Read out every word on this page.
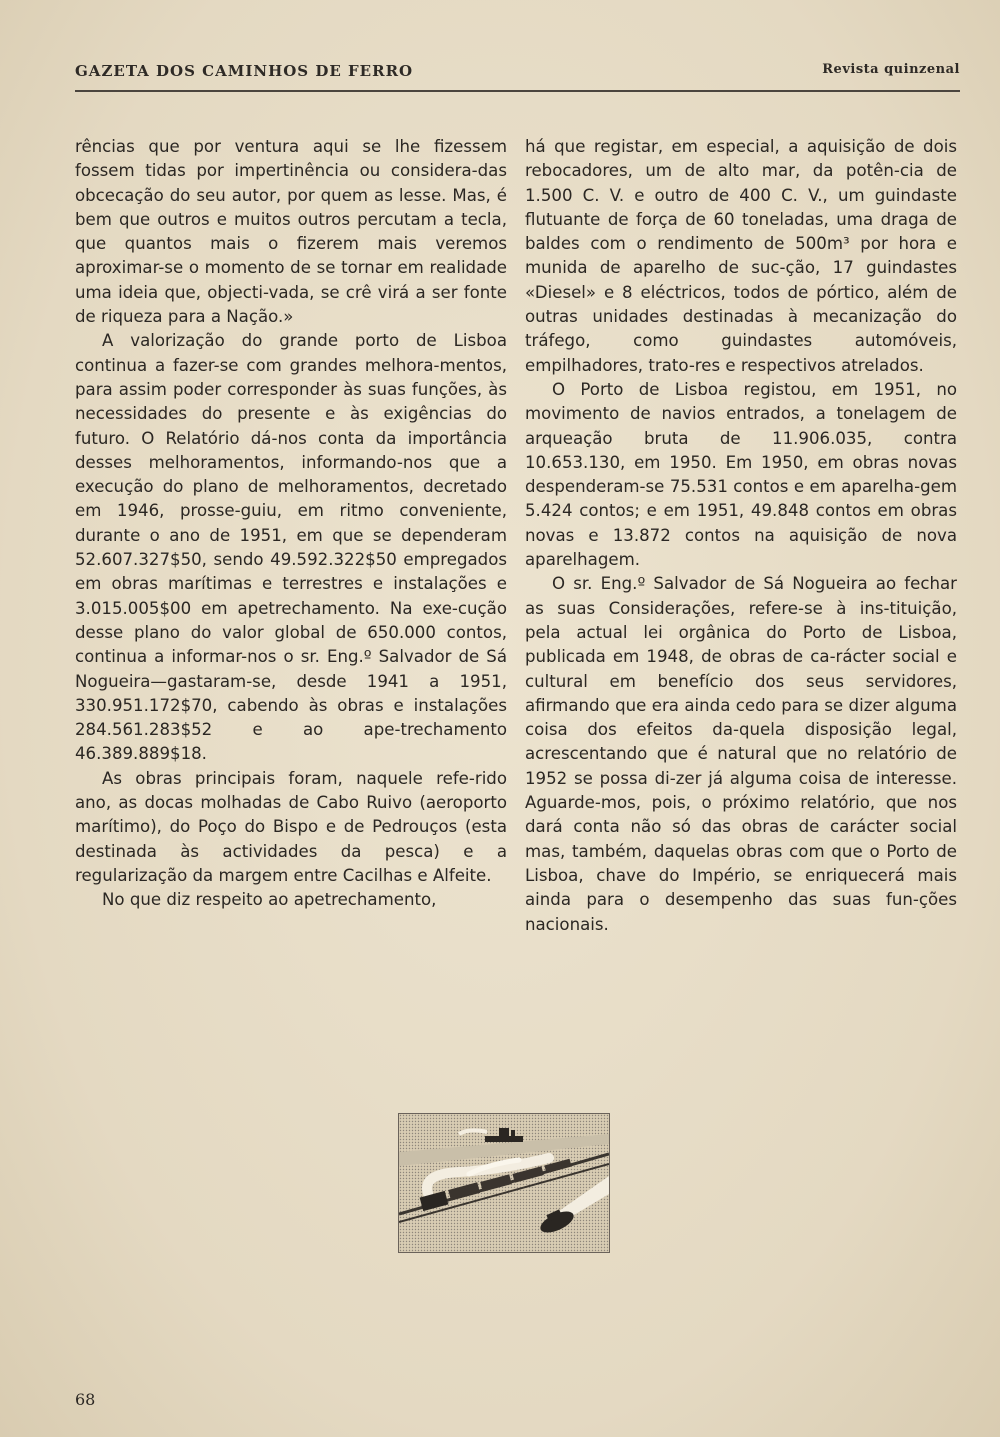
GAZETA DOS CAMINHOS DE FERRO	Revista quinzenal

rências que por ventura aqui se lhe fizessem fossem tidas por impertinência ou considera-das obcecação do seu autor, por quem as lesse. Mas, é bem que outros e muitos outros percutam a tecla, que quantos mais o fizerem mais veremos aproximar-se o momento de se tornar em realidade uma ideia que, objecti-vada, se crê virá a ser fonte de riqueza para a Nação.»

A valorização do grande porto de Lisboa continua a fazer-se com grandes melhora-mentos, para assim poder corresponder às suas funções, às necessidades do presente e às exigências do futuro. O Relatório dá-nos conta da importância desses melhoramentos, informando-nos que a execução do plano de melhoramentos, decretado em 1946, prosse-guiu, em ritmo conveniente, durante o ano de 1951, em que se dependeram 52.607.327$50, sendo 49.592.322$50 empregados em obras marítimas e terrestres e instalações e 3.015.005$00 em apetrechamento. Na exe-cução desse plano do valor global de 650.000 contos, continua a informar-nos o sr. Eng.º Salvador de Sá Nogueira—gastaram-se, desde 1941 a 1951, 330.951.172$70, cabendo às obras e instalações 284.561.283$52 e ao ape-trechamento 46.389.889$18.

As obras principais foram, naquele refe-rido ano, as docas molhadas de Cabo Ruivo (aeroporto marítimo), do Poço do Bispo e de Pedrouços (esta destinada às actividades da pesca) e a regularização da margem entre Cacilhas e Alfeite.

No que diz respeito ao apetrechamento,

há que registar, em especial, a aquisição de dois rebocadores, um de alto mar, da potên-cia de 1.500 C. V. e outro de 400 C. V., um guindaste flutuante de força de 60 toneladas, uma draga de baldes com o rendimento de 500m³ por hora e munida de aparelho de suc-ção, 17 guindastes «Diesel» e 8 eléctricos, todos de pórtico, além de outras unidades destinadas à mecanização do tráfego, como guindastes automóveis, empilhadores, trato-res e respectivos atrelados.

O Porto de Lisboa registou, em 1951, no movimento de navios entrados, a tonelagem de arqueação bruta de 11.906.035, contra 10.653.130, em 1950. Em 1950, em obras novas despenderam-se 75.531 contos e em aparelha-gem 5.424 contos; e em 1951, 49.848 contos em obras novas e 13.872 contos na aquisição de nova aparelhagem.

O sr. Eng.º Salvador de Sá Nogueira ao fechar as suas Considerações, refere-se à ins-tituição, pela actual lei orgânica do Porto de Lisboa, publicada em 1948, de obras de ca-rácter social e cultural em benefício dos seus servidores, afirmando que era ainda cedo para se dizer alguma coisa dos efeitos da-quela disposição legal, acrescentando que é natural que no relatório de 1952 se possa di-zer já alguma coisa de interesse. Aguarde-mos, pois, o próximo relatório, que nos dará conta não só das obras de carácter social mas, também, daquelas obras com que o Porto de Lisboa, chave do Império, se enriquecerá mais ainda para o desempenho das suas fun-ções nacionais.

68
